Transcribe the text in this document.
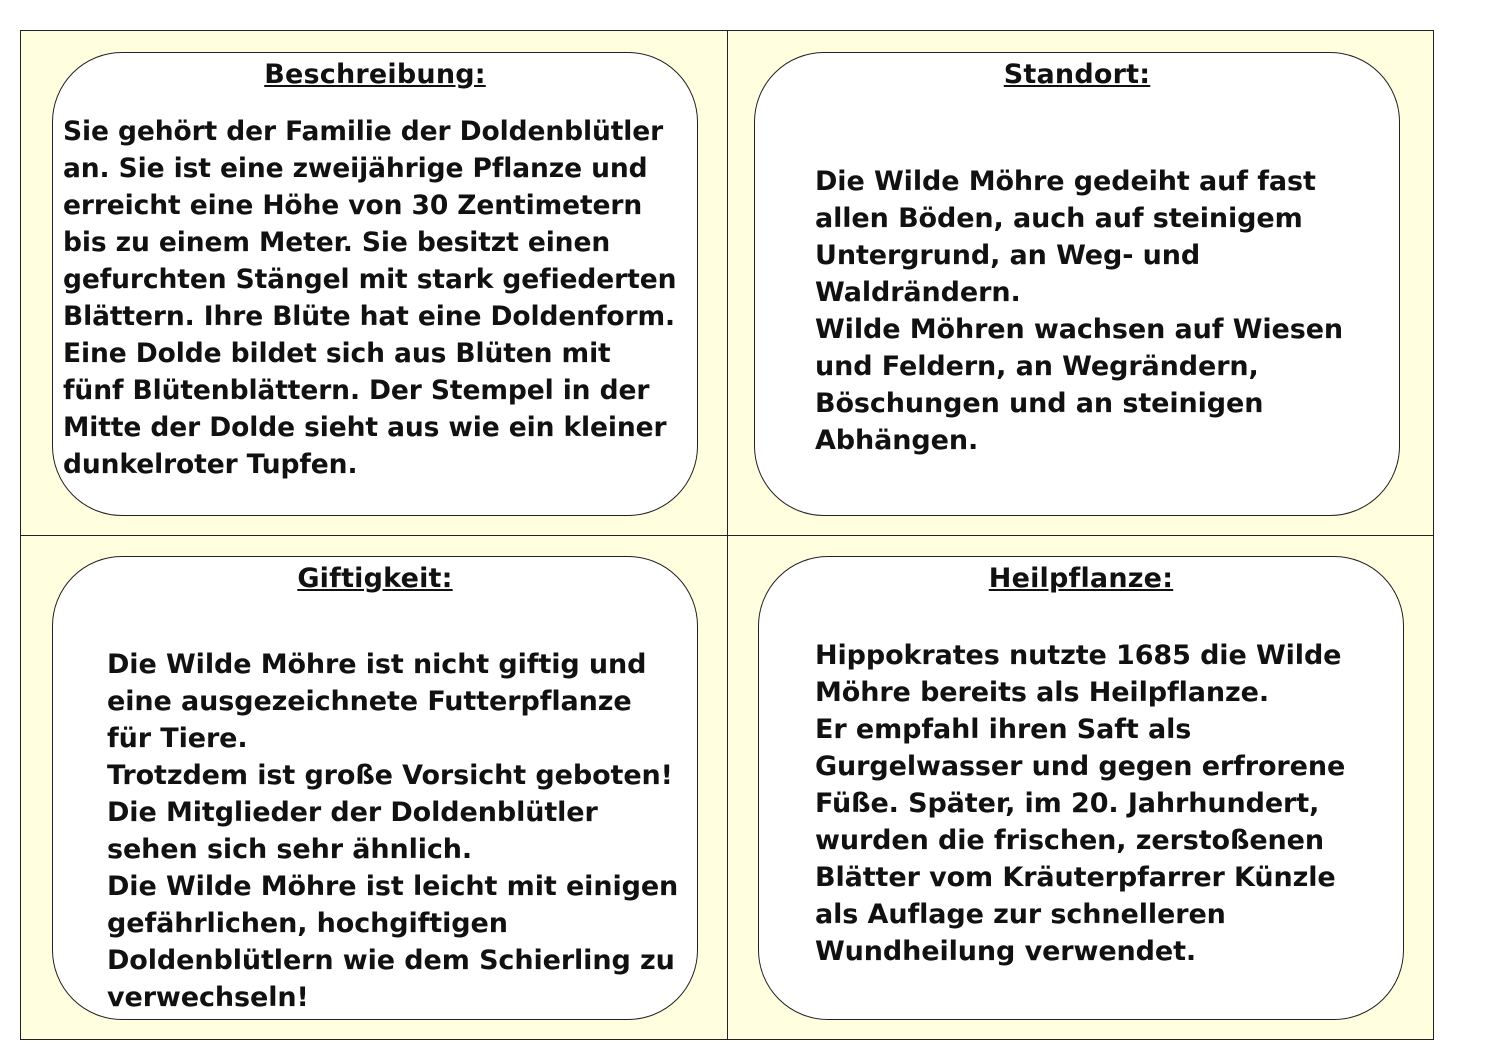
Beschreibung:

Sie gehört der Familie der Doldenblütler
an. Sie ist eine zweijährige Pflanze und
erreicht eine Höhe von 30 Zentimetern
bis zu einem Meter. Sie besitzt einen
gefurchten Stängel mit stark gefiederten
Blättern. Ihre Blüte hat eine Doldenform.
Eine Dolde bildet sich aus Blüten mit
fünf Blütenblättern. Der Stempel in der
Mitte der Dolde sieht aus wie ein kleiner
dunkelroter Tupfen.

Standort:

Die Wilde Möhre gedeiht auf fast
allen Böden, auch auf steinigem
Untergrund, an Weg- und
Waldrändern.
Wilde Möhren wachsen auf Wiesen
und Feldern, an Wegrändern,
Böschungen und an steinigen
Abhängen.

Giftigkeit:

Die Wilde Möhre ist nicht giftig und
eine ausgezeichnete Futterpflanze
für Tiere.
Trotzdem ist große Vorsicht geboten!
Die Mitglieder der Doldenblütler
sehen sich sehr ähnlich.
Die Wilde Möhre ist leicht mit einigen
gefährlichen, hochgiftigen
Doldenblütlern wie dem Schierling zu
verwechseln!

Heilpflanze:

Hippokrates nutzte 1685 die Wilde
Möhre bereits als Heilpflanze.
Er empfahl ihren Saft als
Gurgelwasser und gegen erfrorene
Füße. Später, im 20. Jahrhundert,
wurden die frischen, zerstoßenen
Blätter vom Kräuterpfarrer Künzle
als Auflage zur schnelleren
Wundheilung verwendet.
